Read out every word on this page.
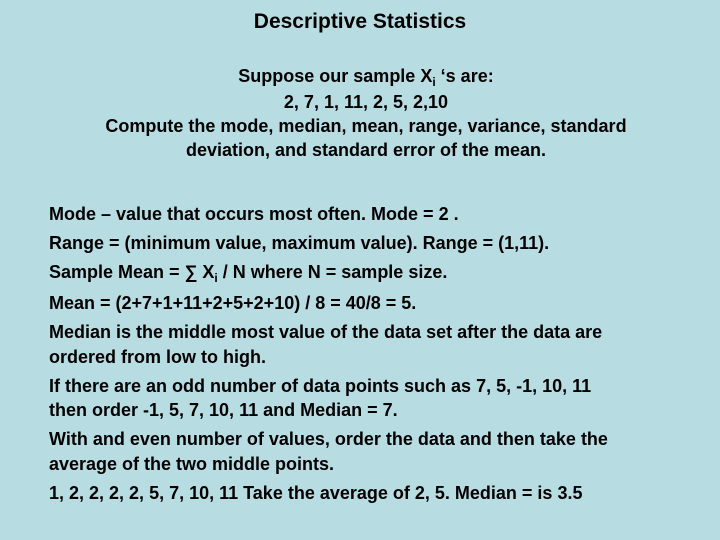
Descriptive Statistics
Suppose our sample $X_i$ ‘s are:
2, 7, 1, 11, 2, 5, 2,10
Compute the mode, median, mean, range, variance, standard
deviation, and standard error of the mean.
Mode – value that occurs most often. Mode = 2 .
Range = (minimum value, maximum value). Range = (1,11).
Sample Mean = ∑ $X_i$ / N where N = sample size.
Mean = (2+7+1+11+2+5+2+10) / 8 = 40/8 = 5.
Median is the middle most value of the data set after the data are
ordered from low to high.
If there are an odd number of data points such as 7, 5, -1, 10, 11
then order -1, 5, 7, 10, 11 and Median = 7.
With and even number of values, order the data and then take the
average of the two middle points.
1, 2, 2, 2, 2, 5, 7, 10, 11 Take the average of 2, 5. Median = is 3.5
